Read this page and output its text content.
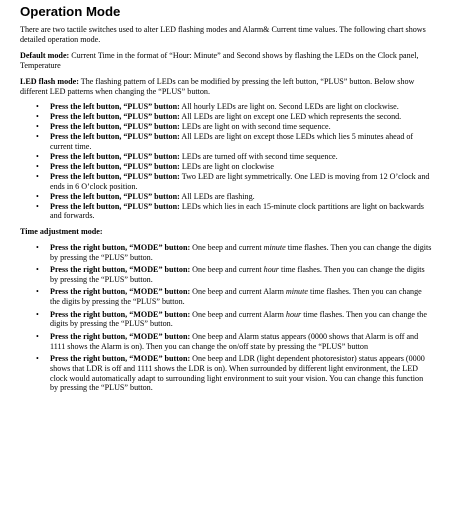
Operation Mode

There are two tactile switches used to alter LED flashing modes and Alarm& Current time values. The following chart shows detailed operation mode.

Default mode: Current Time in the format of “Hour: Minute” and Second shows by flashing the LEDs on the Clock panel, Temperature

LED flash mode: The flashing pattern of LEDs can be modified by pressing the left button, “PLUS” button. Below show different LED patterns when changing the “PLUS” button.

• Press the left button, “PLUS” button: All hourly LEDs are light on. Second LEDs are light on clockwise.
• Press the left button, “PLUS” button: All LEDs are light on except one LED which represents the second.
• Press the left button, “PLUS” button: LEDs are light on with second time sequence.
• Press the left button, “PLUS” button: All LEDs are light on except those LEDs which lies 5 minutes ahead of current time.
• Press the left button, “PLUS” button: LEDs are turned off with second time sequence.
• Press the left button, “PLUS” button: LEDs are light on clockwise
• Press the left button, “PLUS” button: Two LED are light symmetrically. One LED is moving from 12 O’clock and ends in 6 O’clock position.
• Press the left button, “PLUS” button: All LEDs are flashing.
• Press the left button, “PLUS” button: LEDs which lies in each 15-minute clock partitions are light on backwards and forwards.
Time adjustment mode:
• Press the right button, “MODE” button: One beep and current minute time flashes. Then you can change the digits by pressing the “PLUS” button.
• Press the right button, “MODE” button: One beep and current hour time flashes. Then you can change the digits by pressing the “PLUS” button.
• Press the right button, “MODE” button: One beep and current Alarm minute time flashes. Then you can change the digits by pressing the “PLUS” button.
• Press the right button, “MODE” button: One beep and current Alarm hour time flashes. Then you can change the digits by pressing the “PLUS” button.
• Press the right button, “MODE” button: One beep and Alarm status appears (0000 shows that Alarm is off and 1111 shows the Alarm is on). Then you can change the on/off state by pressing the “PLUS” button
• Press the right button, “MODE” button: One beep and LDR (light dependent photoresistor) status appears (0000 shows that LDR is off and 1111 shows the LDR is on). When surrounded by different light environment, the LED clock would automatically adapt to surrounding light environment to suit your vision. You can change this function by pressing the “PLUS” button.
